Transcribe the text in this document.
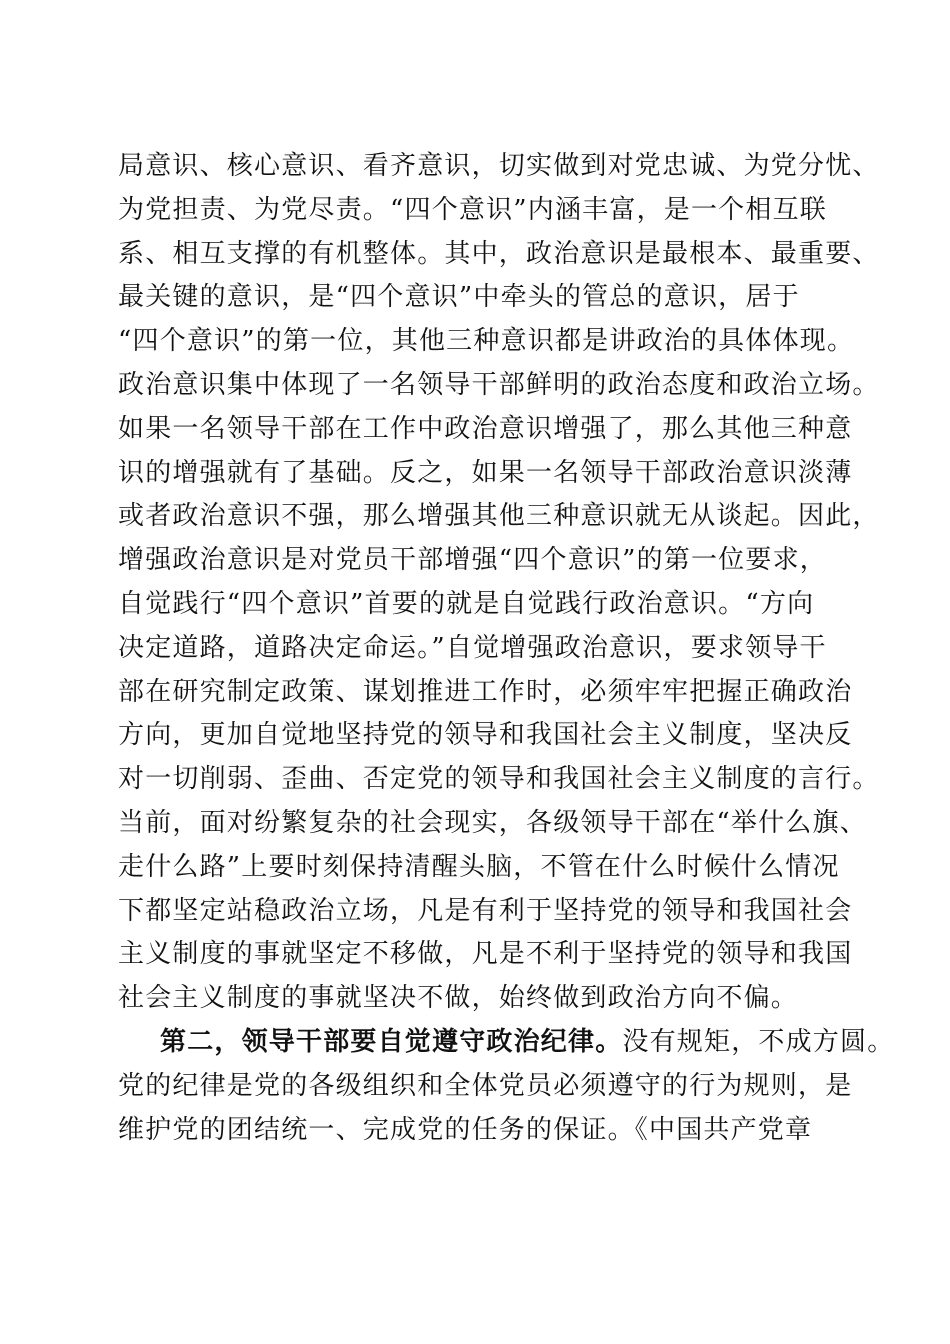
局意识、核心意识、看齐意识，切实做到对党忠诚、为党分忧、
为党担责、为党尽责。“四个意识”内涵丰富，是一个相互联
系、相互支撑的有机整体。其中，政治意识是最根本、最重要、
最关键的意识，是“四个意识”中牵头的管总的意识，居于
“四个意识”的第一位，其他三种意识都是讲政治的具体体现。
政治意识集中体现了一名领导干部鲜明的政治态度和政治立场。
如果一名领导干部在工作中政治意识增强了，那么其他三种意
识的增强就有了基础。反之，如果一名领导干部政治意识淡薄
或者政治意识不强，那么增强其他三种意识就无从谈起。因此，
增强政治意识是对党员干部增强“四个意识”的第一位要求，
自觉践行“四个意识”首要的就是自觉践行政治意识。“方向
决定道路，道路决定命运。”自觉增强政治意识，要求领导干
部在研究制定政策、谋划推进工作时，必须牢牢把握正确政治
方向，更加自觉地坚持党的领导和我国社会主义制度，坚决反
对一切削弱、歪曲、否定党的领导和我国社会主义制度的言行。
当前，面对纷繁复杂的社会现实，各级领导干部在“举什么旗、
走什么路”上要时刻保持清醒头脑，不管在什么时候什么情况
下都坚定站稳政治立场，凡是有利于坚持党的领导和我国社会
主义制度的事就坚定不移做，凡是不利于坚持党的领导和我国
社会主义制度的事就坚决不做，始终做到政治方向不偏。
第二，领导干部要自觉遵守政治纪律。没有规矩，不成方圆。
党的纪律是党的各级组织和全体党员必须遵守的行为规则，是
维护党的团结统一、完成党的任务的保证。《中国共产党章
